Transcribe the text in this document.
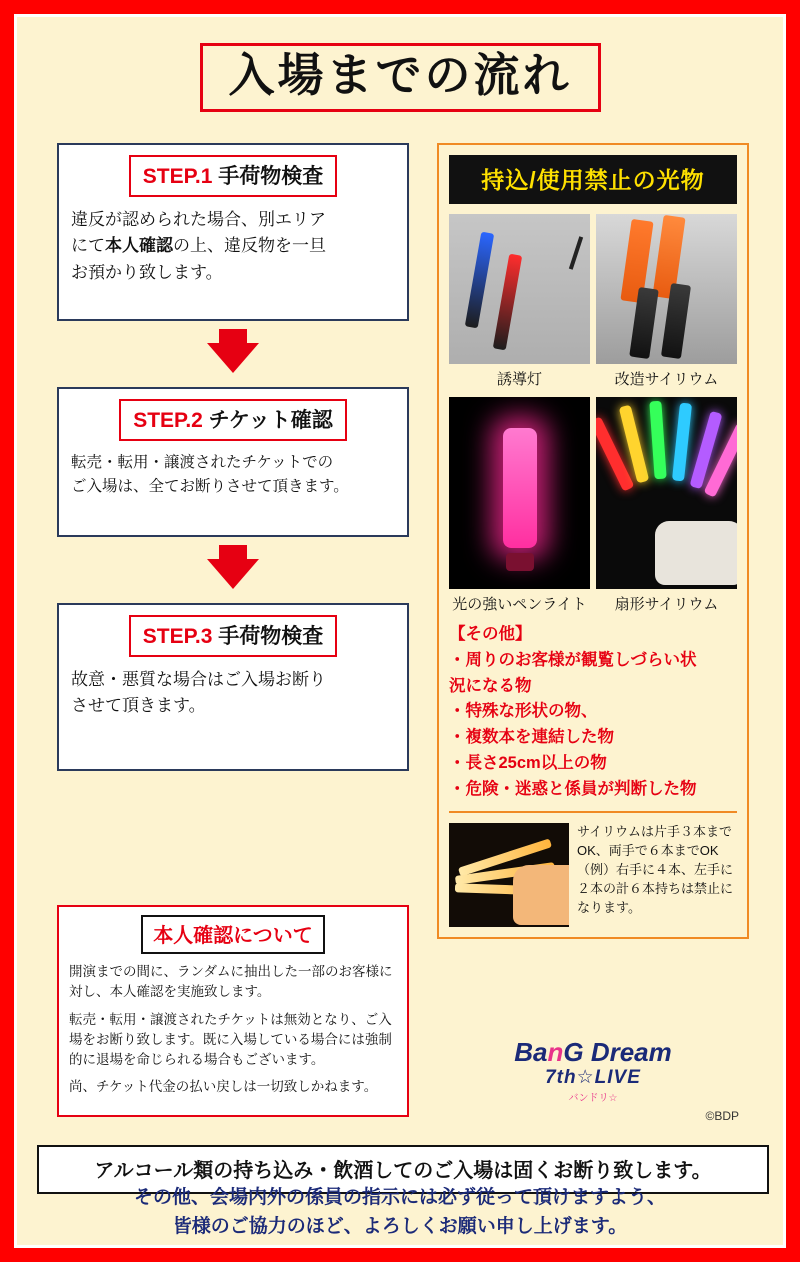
入場までの流れ
STEP.1 手荷物検査
違反が認められた場合、別エリア
にて本人確認の上、違反物を一旦
お預かり致します。
STEP.2 チケット確認
転売・転用・譲渡されたチケットでの
ご入場は、全てお断りさせて頂きます。
STEP.3 手荷物検査
故意・悪質な場合はご入場お断り
させて頂きます。
本人確認について

開演までの間に、ランダムに抽出した一部のお客様に対し、本人確認を実施致します。

転売・転用・譲渡されたチケットは無効となり、ご入場をお断り致します。既に入場している場合には強制的に退場を命じられる場合もございます。

尚、チケット代金の払い戻しは一切致しかねます。

持込/使用禁止の光物
誘導灯	改造サイリウム
光の強いペンライト	扇形サイリウム
【その他】
・周りのお客様が観覧しづらい状
況になる物
・特殊な形状の物、
・複数本を連結した物
・長さ25cm以上の物
・危険・迷惑と係員が判断した物
サイリウムは片手３本までOK、両手で６本までOK（例）右手に４本、左手に２本の計６本持ちは禁止になります。
BanG Dream
7th☆LIVE
バンドリ☆
©BDP
アルコール類の持ち込み・飲酒してのご入場は固くお断り致します。
その他、会場内外の係員の指示には必ず従って頂けますよう、
皆様のご協力のほど、よろしくお願い申し上げます。
